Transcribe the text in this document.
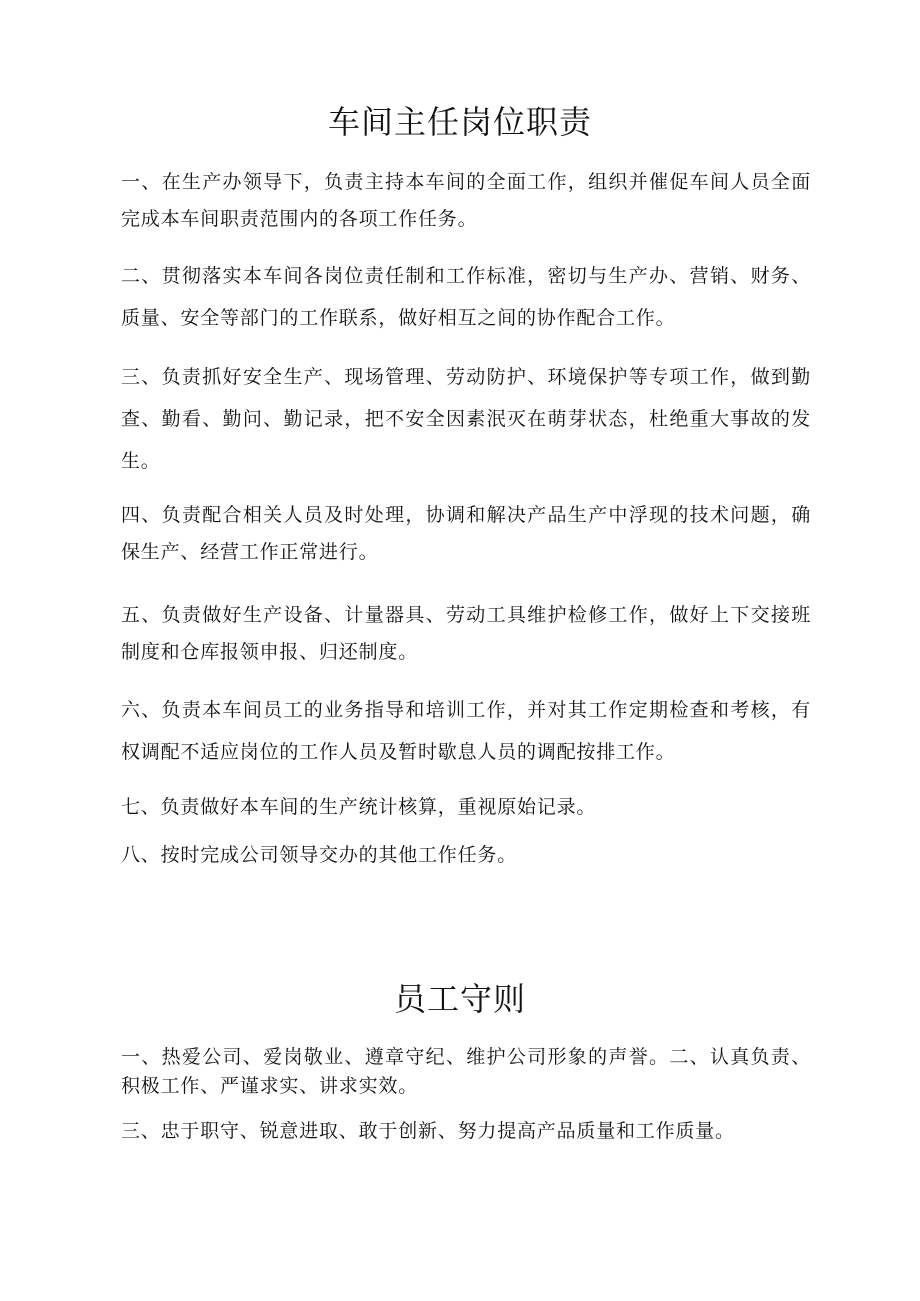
车间主任岗位职责

一、在生产办领导下，负责主持本车间的全面工作，组织并催促车间人员全面完成本车间职责范围内的各项工作任务。

二、贯彻落实本车间各岗位责任制和工作标准，密切与生产办、营销、财务、质量、安全等部门的工作联系，做好相互之间的协作配合工作。

三、负责抓好安全生产、现场管理、劳动防护、环境保护等专项工作，做到勤查、勤看、勤问、勤记录，把不安全因素泯灭在萌芽状态，杜绝重大事故的发生。

四、负责配合相关人员及时处理，协调和解决产品生产中浮现的技术问题，确保生产、经营工作正常进行。

五、负责做好生产设备、计量器具、劳动工具维护检修工作，做好上下交接班制度和仓库报领申报、归还制度。

六、负责本车间员工的业务指导和培训工作，并对其工作定期检查和考核，有权调配不适应岗位的工作人员及暂时歇息人员的调配按排工作。

七、负责做好本车间的生产统计核算，重视原始记录。

八、按时完成公司领导交办的其他工作任务。

员工守则

一、热爱公司、爱岗敬业、遵章守纪、维护公司形象的声誉。二、认真负责、积极工作、严谨求实、讲求实效。

三、忠于职守、锐意进取、敢于创新、努力提高产品质量和工作质量。
